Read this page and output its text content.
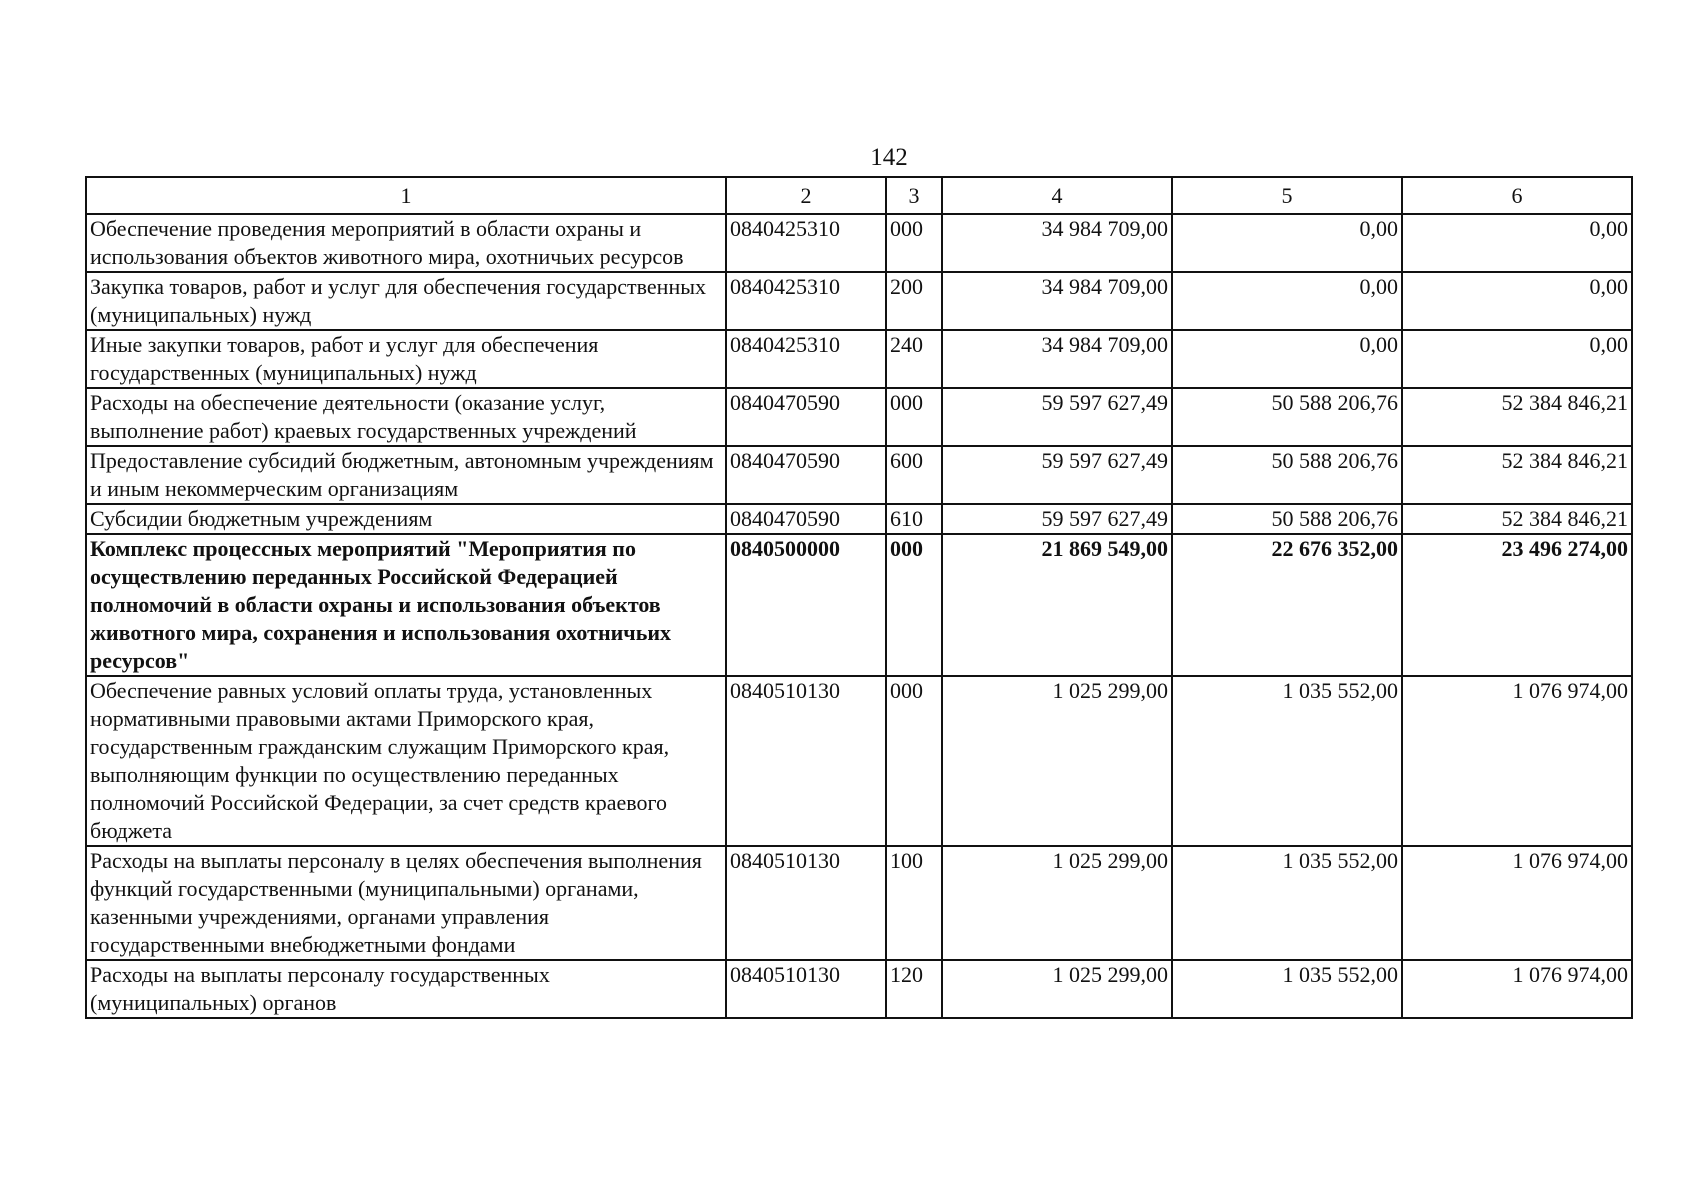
142
1	2	3	4	5	6
Обеспечение проведения мероприятий в области охраны и использования объектов животного мира, охотничьих ресурсов	0840425310	000	34 984 709,00	0,00	0,00
Закупка товаров, работ и услуг для обеспечения государственных (муниципальных) нужд	0840425310	200	34 984 709,00	0,00	0,00
Иные закупки товаров, работ и услуг для обеспечения государственных (муниципальных) нужд	0840425310	240	34 984 709,00	0,00	0,00
Расходы на обеспечение деятельности (оказание услуг, выполнение работ) краевых государственных учреждений	0840470590	000	59 597 627,49	50 588 206,76	52 384 846,21
Предоставление субсидий бюджетным, автономным учреждениям и иным некоммерческим организациям	0840470590	600	59 597 627,49	50 588 206,76	52 384 846,21
Субсидии бюджетным учреждениям	0840470590	610	59 597 627,49	50 588 206,76	52 384 846,21
Комплекс процессных мероприятий "Мероприятия по осуществлению переданных Российской Федерацией полномочий в области охраны и использования объектов животного мира, сохранения и использования охотничьих ресурсов"	0840500000	000	21 869 549,00	22 676 352,00	23 496 274,00
Обеспечение равных условий оплаты труда, установленных нормативными правовыми актами Приморского края, государственным гражданским служащим Приморского края, выполняющим функции по осуществлению переданных полномочий Российской Федерации, за счет средств краевого бюджета	0840510130	000	1 025 299,00	1 035 552,00	1 076 974,00
Расходы на выплаты персоналу в целях обеспечения выполнения функций государственными (муниципальными) органами, казенными учреждениями, органами управления государственными внебюджетными фондами	0840510130	100	1 025 299,00	1 035 552,00	1 076 974,00
Расходы на выплаты персоналу государственных (муниципальных) органов	0840510130	120	1 025 299,00	1 035 552,00	1 076 974,00
